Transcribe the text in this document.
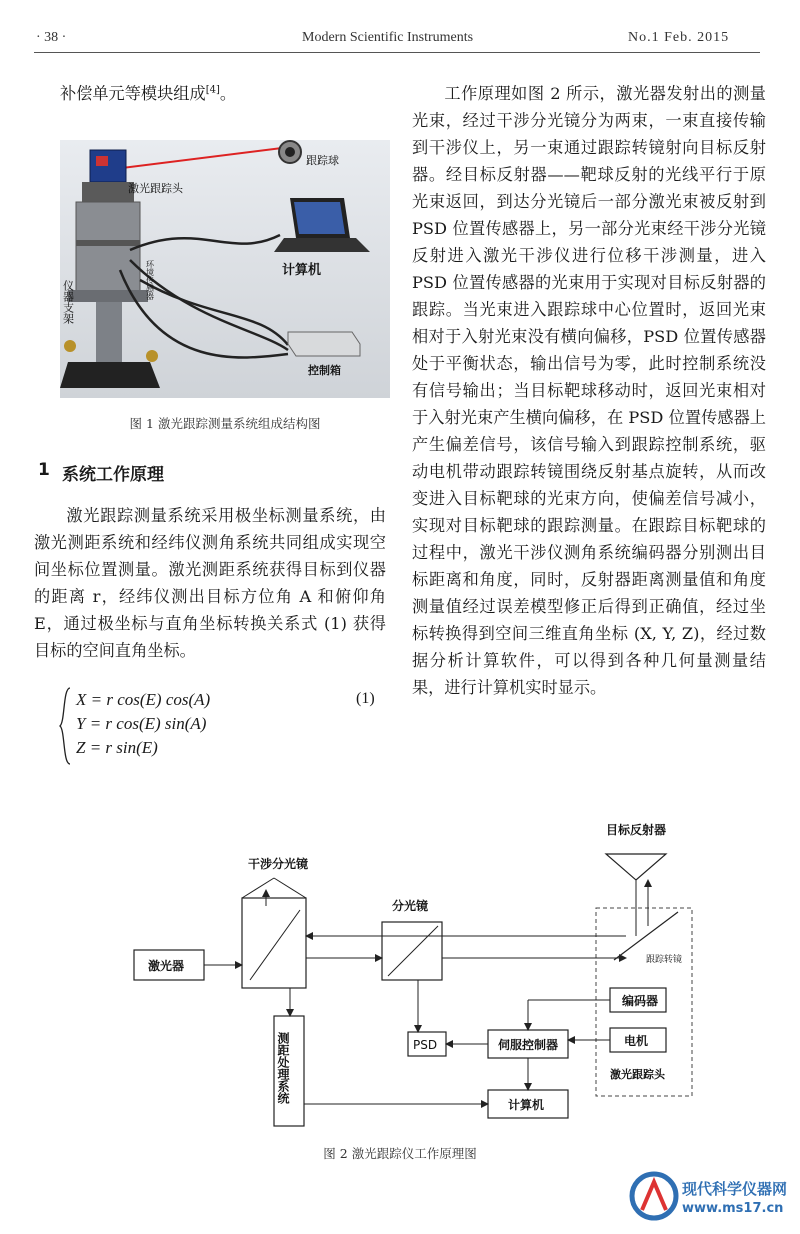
· 38 ·	Modern Scientific Instruments	No.1 Feb. 2015
补偿单元等模块组成[4]。
跟踪球
激光跟踪头
计算机
仪器支架	环境传感器
控制箱
图 1 激光跟踪测量系统组成结构图
1 系统工作原理

激光跟踪测量系统采用极坐标测量系统，由激光测距系统和经纬仪测角系统共同组成实现空间坐标位置测量。激光测距系统获得目标到仪器的距离 r，经纬仪测出目标方位角 A 和俯仰角 E，通过极坐标与直角坐标转换关系式 (1) 获得目标的空间直角坐标。

X = r cos(E) cos(A)
Y = r cos(E) sin(A)
Z = r sin(E)
(1)

工作原理如图 2 所示，激光器发射出的测量光束，经过干涉分光镜分为两束，一束直接传输到干涉仪上，另一束通过跟踪转镜射向目标反射器。经目标反射器——靶球反射的光线平行于原光束返回，到达分光镜后一部分激光束被反射到 PSD 位置传感器上，另一部分光束经干涉分光镜反射进入激光干涉仪进行位移干涉测量，进入 PSD 位置传感器的光束用于实现对目标反射器的跟踪。当光束进入跟踪球中心位置时，返回光束相对于入射光束没有横向偏移，PSD 位置传感器处于平衡状态，输出信号为零，此时控制系统没有信号输出；当目标靶球移动时，返回光束相对于入射光束产生横向偏移，在 PSD 位置传感器上产生偏差信号，该信号输入到跟踪控制系统，驱动电机带动跟踪转镜围绕反射基点旋转，从而改变进入目标靶球的光束方向，使偏差信号减小，实现对目标靶球的跟踪测量。在跟踪目标靶球的过程中，激光干涉仪测角系统编码器分别测出目标距离和角度，同时，反射器距离测量值和角度测量值经过误差模型修正后得到正确值，经过坐标转换得到空间三维直角坐标 (X, Y, Z)，经过数据分析计算软件，可以得到各种几何量测量结果，进行计算机实时显示。

激光器
干涉分光镜
分光镜
目标反射器
跟踪转镜
编码器
电机
激光跟踪头
PSD	伺服控制器
测距处理系统
计算机
图 2 激光跟踪仪工作原理图
现代科学仪器网
www.ms17.cn
